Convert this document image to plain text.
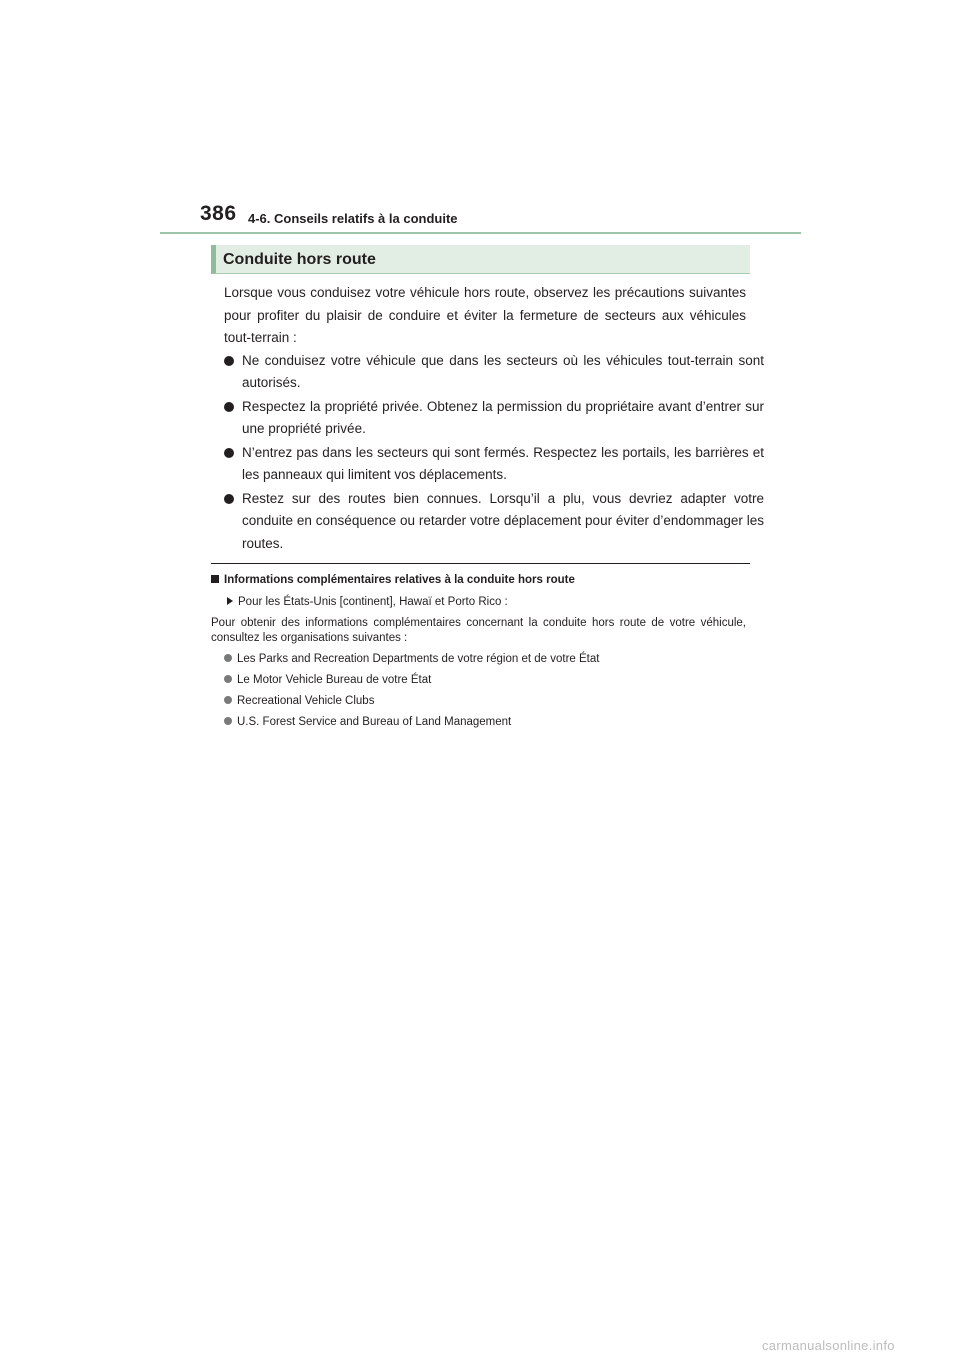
386 4-6. Conseils relatifs à la conduite
Conduite hors route
Lorsque vous conduisez votre véhicule hors route, observez les précautions suivantes pour profiter du plaisir de conduire et éviter la fermeture de secteurs aux véhicules tout-terrain :
Ne conduisez votre véhicule que dans les secteurs où les véhicules tout-terrain sont autorisés.
Respectez la propriété privée. Obtenez la permission du propriétaire avant d’entrer sur une propriété privée.
N’entrez pas dans les secteurs qui sont fermés. Respectez les portails, les barrières et les panneaux qui limitent vos déplacements.
Restez sur des routes bien connues. Lorsqu’il a plu, vous devriez adapter votre conduite en conséquence ou retarder votre déplacement pour éviter d’endommager les routes.
Informations complémentaires relatives à la conduite hors route
Pour les États-Unis [continent], Hawaï et Porto Rico :
Pour obtenir des informations complémentaires concernant la conduite hors route de votre véhicule, consultez les organisations suivantes :
Les Parks and Recreation Departments de votre région et de votre État
Le Motor Vehicle Bureau de votre État
Recreational Vehicle Clubs
U.S. Forest Service and Bureau of Land Management
carmanualsonline.info
